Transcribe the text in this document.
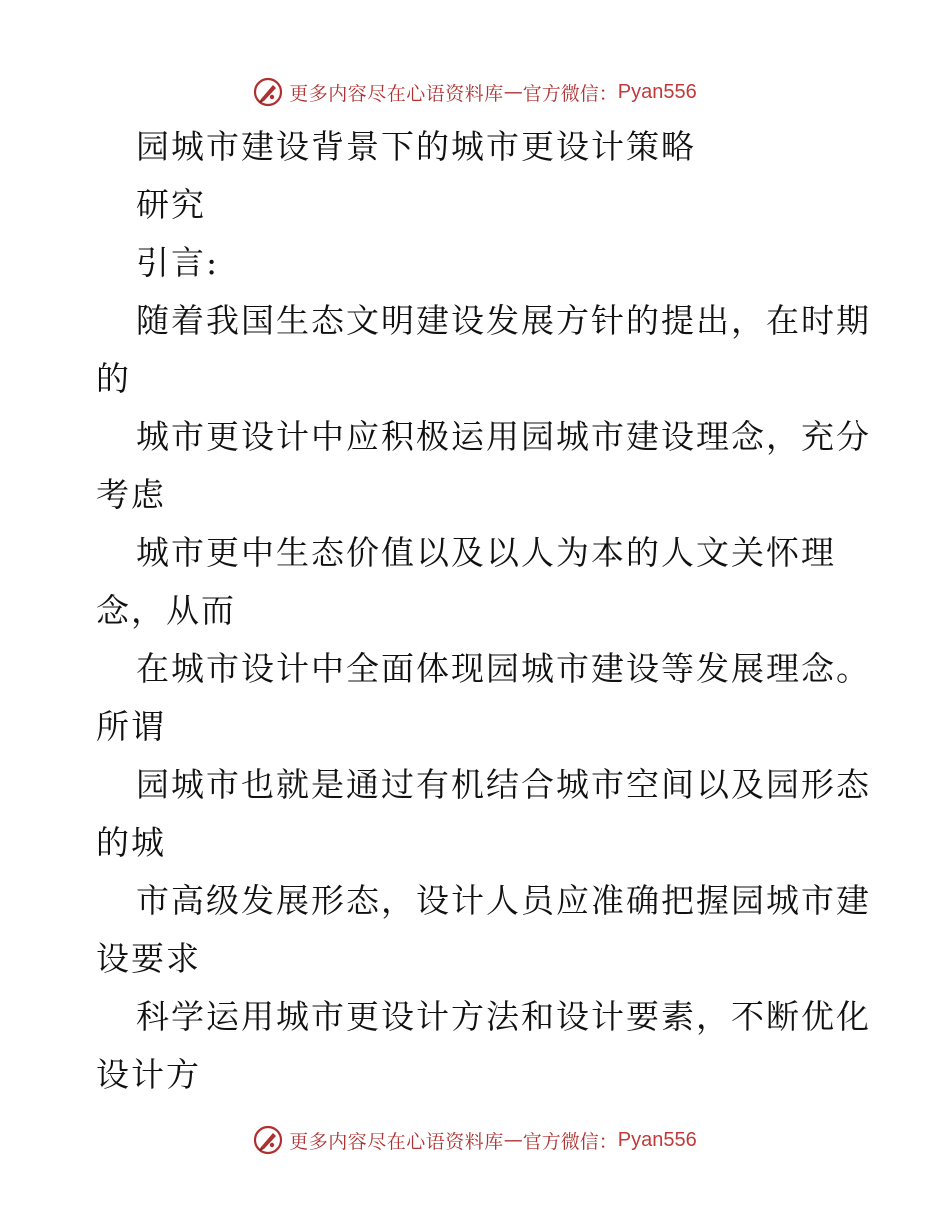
更多内容尽在心语资料库 — 官方微信： Pyan556
园城市建设背景下的城市更设计策略
研究
引言:
随着我国生态文明建设发展方针的提出，在时期
的
城市更设计中应积极运用园城市建设理念，充分
考虑
城市更中生态价值以及以人为本的人文关怀理
念，从而
在城市设计中全面体现园城市建设等发展理念。
所谓
园城市也就是通过有机结合城市空间以及园形态
的城
市高级发展形态，设计人员应准确把握园城市建
设要求
科学运用城市更设计方法和设计要素，不断优化
设计方
更多内容尽在心语资料库 — 官方微信： Pyan556
